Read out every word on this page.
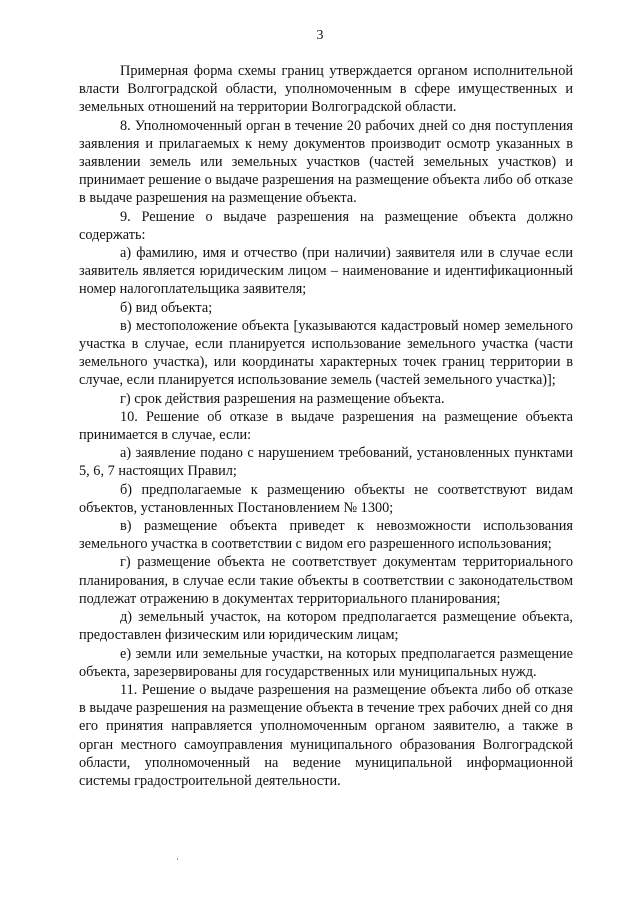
3

Примерная форма схемы границ утверждается органом исполнительной власти Волгоградской области, уполномоченным в сфере имущественных и земельных отношений на территории Волгоградской области.

8. Уполномоченный орган в течение 20 рабочих дней со дня поступления заявления и прилагаемых к нему документов производит осмотр указанных в заявлении земель или земельных участков (частей земельных участков) и принимает решение о выдаче разрешения на размещение объекта либо об отказе в выдаче разрешения на размещение объекта.

9. Решение о выдаче разрешения на размещение объекта должно содержать:

а) фамилию, имя и отчество (при наличии) заявителя или в случае если заявитель является юридическим лицом – наименование и идентификационный номер налогоплательщика заявителя;

б) вид объекта;

в) местоположение объекта [указываются кадастровый номер земельного участка в случае, если планируется использование земельного участка (части земельного участка), или координаты характерных точек границ территории в случае, если планируется использование земель (частей земельного участка)];

г) срок действия разрешения на размещение объекта.

10. Решение об отказе в выдаче разрешения на размещение объекта принимается в случае, если:

а) заявление подано с нарушением требований, установленных пунктами 5, 6, 7 настоящих Правил;

б) предполагаемые к размещению объекты не соответствуют видам объектов, установленных Постановлением № 1300;

в) размещение объекта приведет к невозможности использования земельного участка в соответствии с видом его разрешенного использования;

г) размещение объекта не соответствует документам территориального планирования, в случае если такие объекты в соответствии с законодательством подлежат отражению в документах территориального планирования;

д) земельный участок, на котором предполагается размещение объекта, предоставлен физическим или юридическим лицам;

е) земли или земельные участки, на которых предполагается размещение объекта, зарезервированы для государственных или муниципальных нужд.

11. Решение о выдаче разрешения на размещение объекта либо об отказе в выдаче разрешения на размещение объекта в течение трех рабочих дней со дня его принятия направляется уполномоченным органом заявителю, а также в орган местного самоуправления муниципального образования Волгоградской области, уполномоченный на ведение муниципальной информационной системы градостроительной деятельности.
